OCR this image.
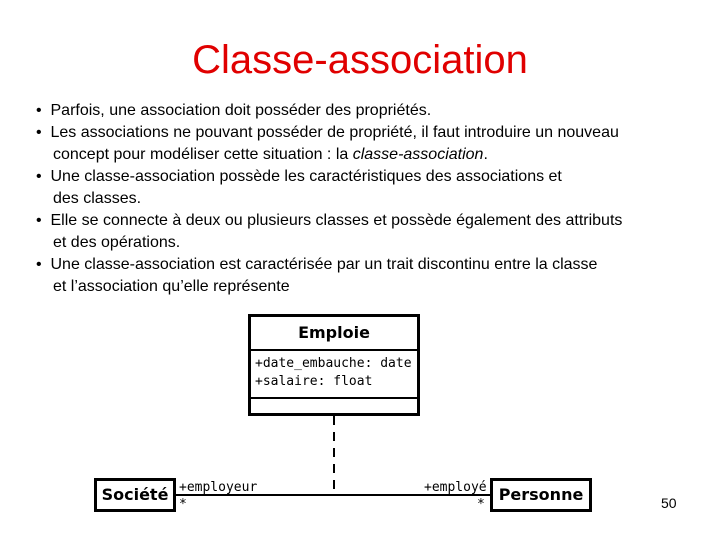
Classe-association
•  Parfois, une association doit posséder des propriétés.
•  Les associations ne pouvant posséder de propriété, il faut introduire un nouveau
concept pour modéliser cette situation : la classe-association.
•  Une classe-association possède les caractéristiques des associations et
des classes.
•  Elle se connecte à deux ou plusieurs classes et possède également des attributs
et des opérations.
•  Une classe-association est caractérisée par un trait discontinu entre la classe
et l’association qu’elle représente
Emploie
+date_embauche: date
+salaire: float
Société	Personne
+employeur	+employé
*	*	50
